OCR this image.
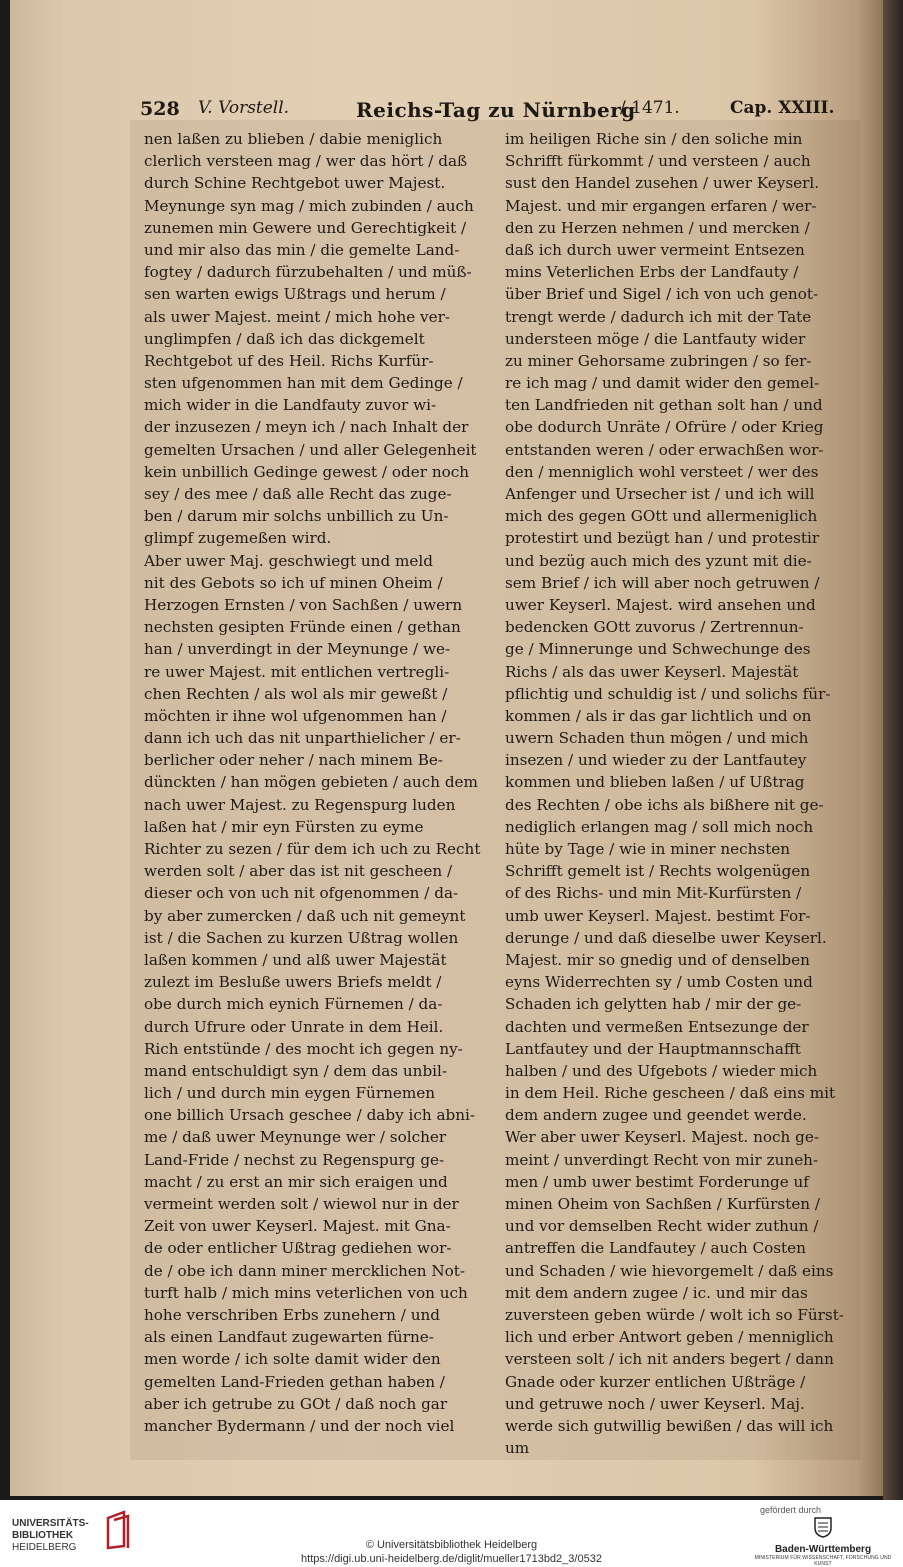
528 V. Vorstell.	Reichs-Tag zu Nürnberg
/ 1471.	Cap. XXIII.
nen laßen zu blieben / dabie meniglich
clerlich versteen mag / wer das hört / daß
durch Schine Rechtgebot uwer Majest.
Meynunge syn mag / mich zubinden / auch
zunemen min Gewere und Gerechtigkeit /
und mir also das min / die gemelte Land-
fogtey / dadurch fürzubehalten / und müß-
sen warten ewigs Ußtrags und herum /
als uwer Majest. meint / mich hohe ver-
unglimpfen / daß ich das dickgemelt
Rechtgebot uf des Heil. Richs Kurfür-
sten ufgenommen han mit dem Gedinge /
mich wider in die Landfauty zuvor wi-
der inzusezen / meyn ich / nach Inhalt der
gemelten Ursachen / und aller Gelegenheit
kein unbillich Gedinge gewest / oder noch
sey / des mee / daß alle Recht das zuge-
ben / darum mir solchs unbillich zu Un-
glimpf zugemeßen wird.
Aber uwer Maj. geschwiegt und meld
nit des Gebots so ich uf minen Oheim /
Herzogen Ernsten / von Sachßen / uwern
nechsten gesipten Fründe einen / gethan
han / unverdingt in der Meynunge / we-
re uwer Majest. mit entlichen vertregli-
chen Rechten / als wol als mir geweßt /
möchten ir ihne wol ufgenommen han /
dann ich uch das nit unparthielicher / er-
berlicher oder neher / nach minem Be-
dünckten / han mögen gebieten / auch dem
nach uwer Majest. zu Regenspurg luden
laßen hat / mir eyn Fürsten zu eyme
Richter zu sezen / für dem ich uch zu Recht
werden solt / aber das ist nit gescheen /
dieser och von uch nit ofgenommen / da-
by aber zumercken / daß uch nit gemeynt
ist / die Sachen zu kurzen Ußtrag wollen
laßen kommen / und alß uwer Majestät
zulezt im Beslußе uwers Briefs meldt /
obe durch mich eynich Fürnemen / da-
durch Ufrure oder Unrate in dem Heil.
Rich entstünde / des mocht ich gegen ny-
mand entschuldigt syn / dem das unbil-
lich / und durch min eygen Fürnemen
one billich Ursach geschee / daby ich abni-
me / daß uwer Meynunge wer / solcher
Land-Fride / nechst zu Regenspurg ge-
macht / zu erst an mir sich eraigen und
vermeint werden solt / wiewol nur in der
Zeit von uwer Keyserl. Majest. mit Gna-
de oder entlicher Ußtrag gediehen wor-
de / obe ich dann miner mercklichen Not-
turft halb / mich mins veterlichen von uch
hohe verschriben Erbs zunehern / und
als einen Landfaut zugewarten fürne-
men worde / ich solte damit wider den
gemelten Land-Frieden gethan haben /
aber ich getrube zu GOt / daß noch gar
mancher Bydermann / und der noch viel
im heiligen Riche sin / den soliche min
Schrifft fürkommt / und versteen / auch
sust den Handel zusehen / uwer Keyserl.
Majest. und mir ergangen erfaren / wer-
den zu Herzen nehmen / und mercken /
daß ich durch uwer vermeint Entsezen
mins Veterlichen Erbs der Landfauty /
über Brief und Sigel / ich von uch genot-
trengt werde / dadurch ich mit der Tate
understeen möge / die Lantfauty wider
zu miner Gehorsame zubringen / so fer-
re ich mag / und damit wider den gemel-
ten Landfrieden nit gethan solt han / und
obe dodurch Unräte / Ofrüre / oder Krieg
entstanden weren / oder erwachßen wor-
den / menniglich wohl versteet / wer des
Anfenger und Ursecher ist / und ich will
mich des gegen GOtt und allermeniglich
protestirt und bezügt han / und protestir
und bezüg auch mich des yzunt mit die-
sem Brief / ich will aber noch getruwen /
uwer Keyserl. Majest. wird ansehen und
bedencken GOtt zuvorus / Zertrennun-
ge / Minnerunge und Schwechunge des
Richs / als das uwer Keyserl. Majestät
pflichtig und schuldig ist / und solichs für-
kommen / als ir das gar lichtlich und on
uwern Schaden thun mögen / und mich
insezen / und wieder zu der Lantfautey
kommen und blieben laßen / uf Ußtrag
des Rechten / obe ichs als bißhere nit ge-
nediglich erlangen mag / soll mich noch
hüte by Tage / wie in miner nechsten
Schrifft gemelt ist / Rechts wolgenügen
of des Richs- und min Mit-Kurfürsten /
umb uwer Keyserl. Majest. bestimt For-
derunge / und daß dieselbe uwer Keyserl.
Majest. mir so gnedig und of denselben
eyns Widerrechten sy / umb Costen und
Schaden ich gelytten hab / mir der ge-
dachten und vermeßen Entsezunge der
Lantfautey und der Hauptmannschafft
halben / und des Ufgebots / wieder mich
in dem Heil. Riche gescheen / daß eins mit
dem andern zugee und geendet werde.
Wer aber uwer Keyserl. Majest. noch ge-
meint / unverdingt Recht von mir zuneh-
men / umb uwer bestimt Forderunge uf
minen Oheim von Sachßen / Kurfürsten /
und vor demselben Recht wider zuthun /
antreffen die Landfautey / auch Costen
und Schaden / wie hievorgemelt / daß eins
mit dem andern zugee / ic. und mir das
zuversteen geben würde / wolt ich so Fürst-
lich und erber Antwort geben / menniglich
versteen solt / ich nit anders begert / dann
Gnade oder kurzer entlichen Ußträge /
und getruwe noch / uwer Keyserl. Maj.
werde sich gutwillig bewißen / das will ich
um
UNIVERSITÄTS-
BIBLIOTHEK
HEIDELBERG	© Universitätsbibliothek Heidelberg
https://digi.ub.uni-heidelberg.de/diglit/mueller1713bd2_3/0532
gefördert durch
Baden-Württemberg
MINISTERIUM FÜR WISSENSCHAFT, FORSCHUNG UND KUNST
